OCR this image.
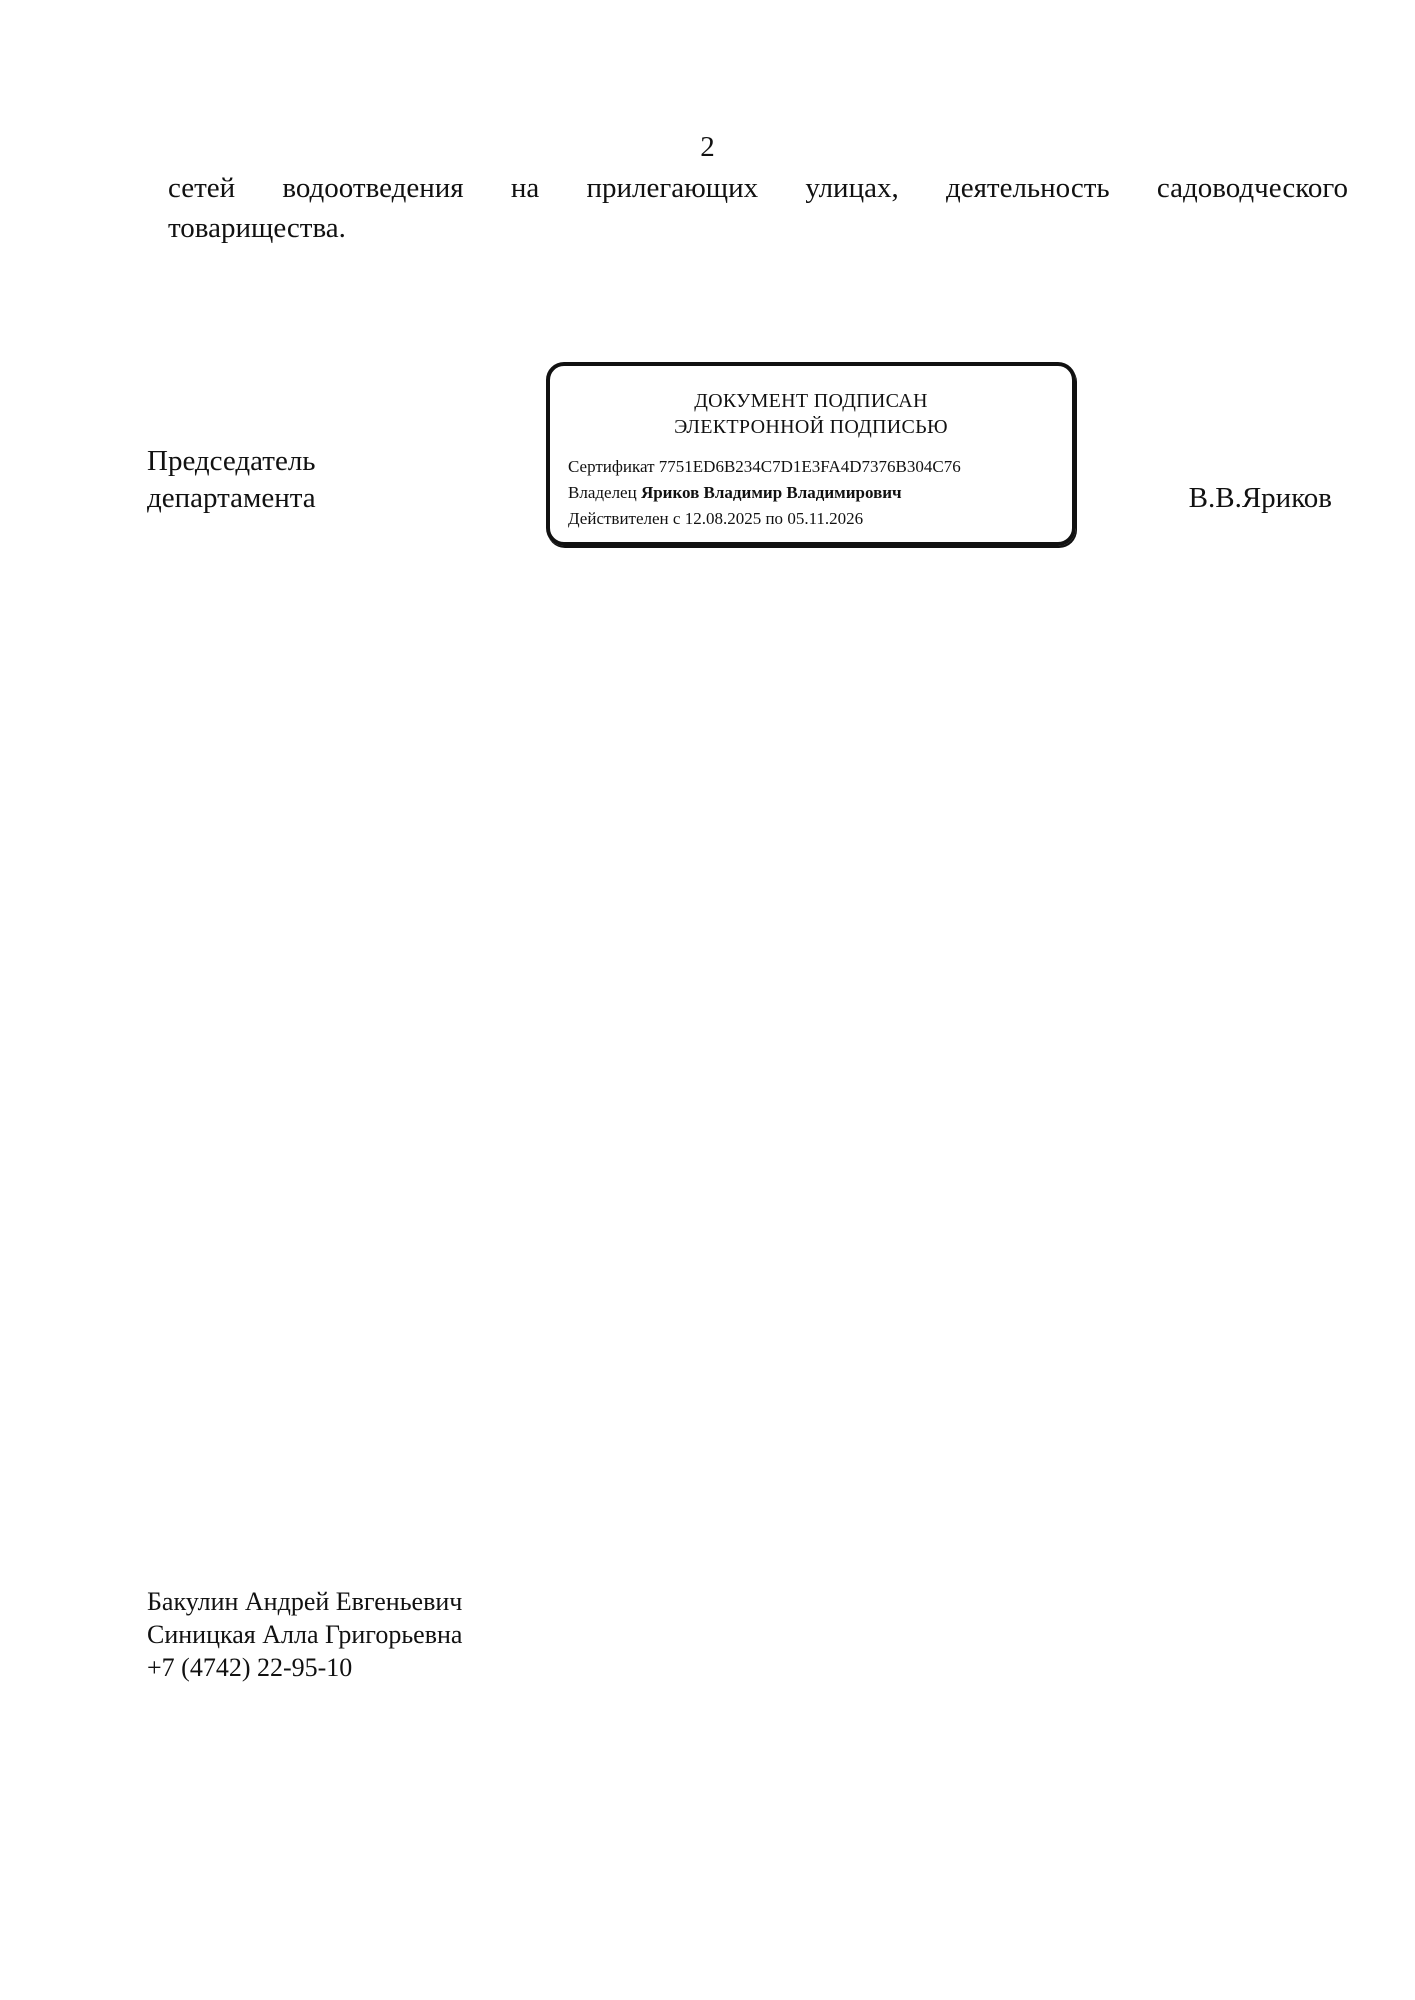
2
сетей водоотведения на прилегающих улицах, деятельность садоводческого
товарищества.
Председатель
департамента
ДОКУМЕНТ ПОДПИСАН
ЭЛЕКТРОННОЙ ПОДПИСЬЮ
Сертификат 7751ED6B234C7D1E3FA4D7376B304C76
Владелец Яриков Владимир Владимирович
Действителен с 12.08.2025 по 05.11.2026
В.В.Яриков
Бакулин Андрей Евгеньевич
Синицкая Алла Григорьевна
+7 (4742) 22-95-10
